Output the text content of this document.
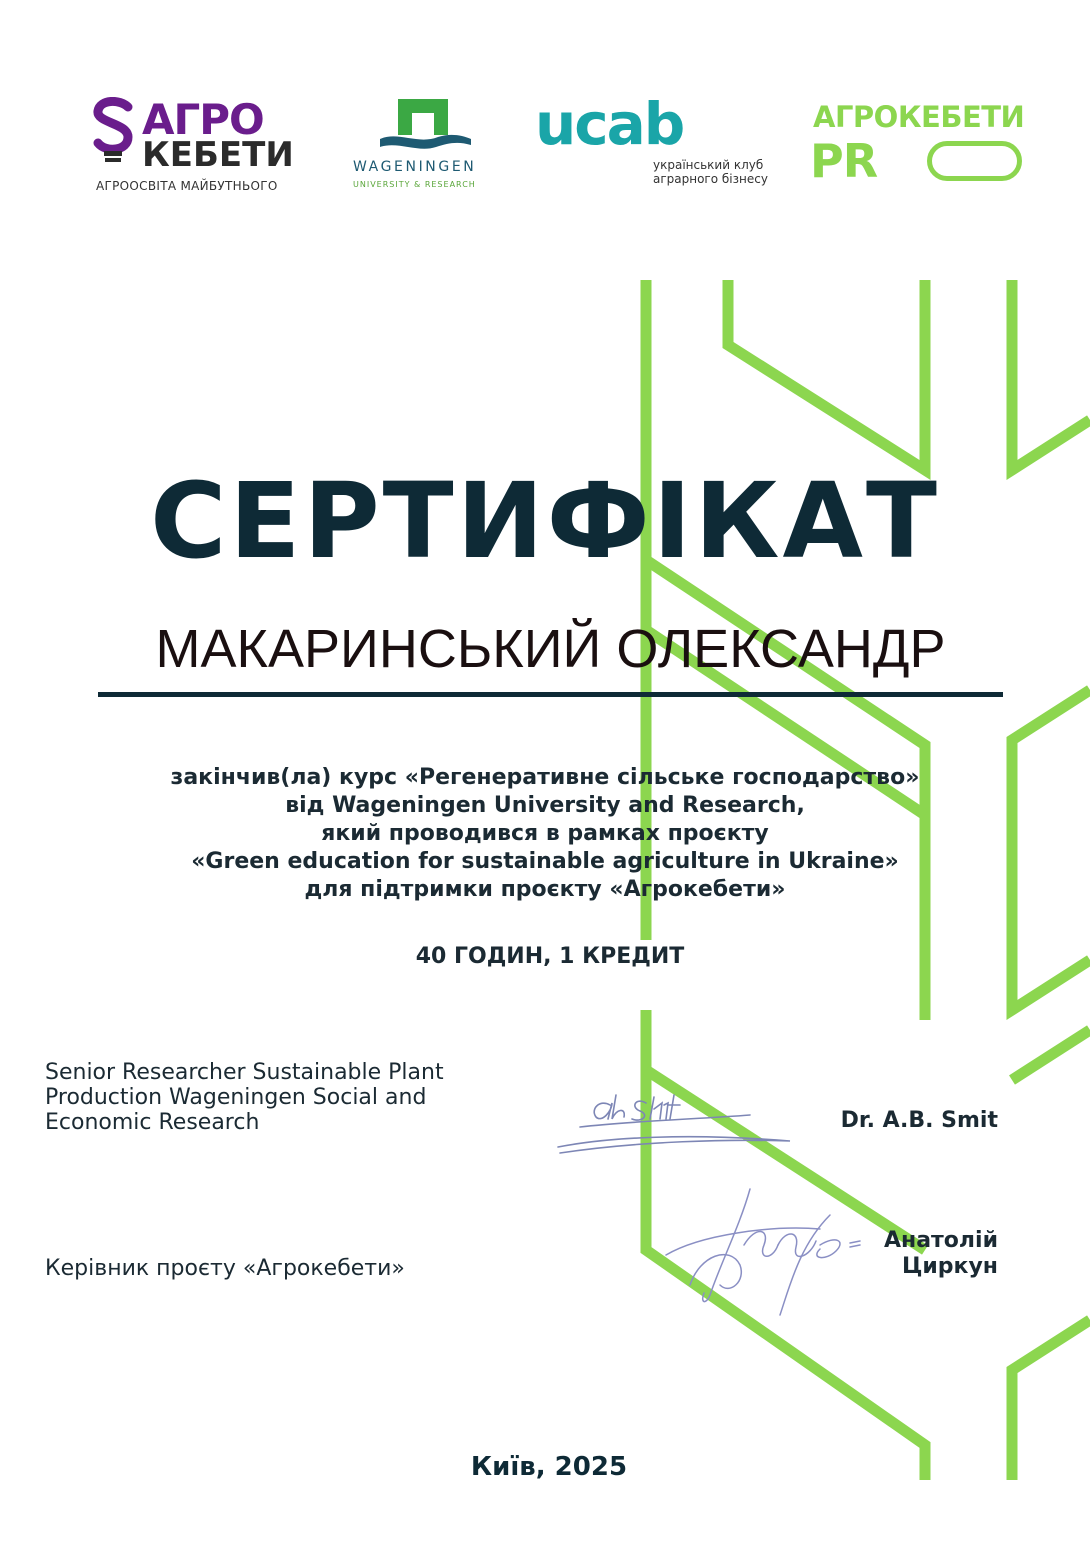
АГРО
КЕБЕТИ
АГРООСВІТА МАЙБУТНЬОГО
WAGENINGEN
UNIVERSITY & RESEARCH
ucab
український клуб
аграрного бізнесу
АГРОКЕБЕТИ
PR
СЕРТИФІКАТ
МАКАРИНСЬКИЙ ОЛЕКСАНДР
закінчив(ла) курс «Регенеративне сільське господарство»
від Wageningen University and Research,
який проводився в рамках проєкту
«Green education for sustainable agriculture in Ukraine»
для підтримки проєкту «Агрокебети»
40 ГОДИН, 1 КРЕДИТ
Senior Researcher Sustainable Plant
Production Wageningen Social and
Economic Research	Dr. A.B. Smit
Керівник проєту «Агрокебети»
Анатолій
Циркун
Київ, 2025
